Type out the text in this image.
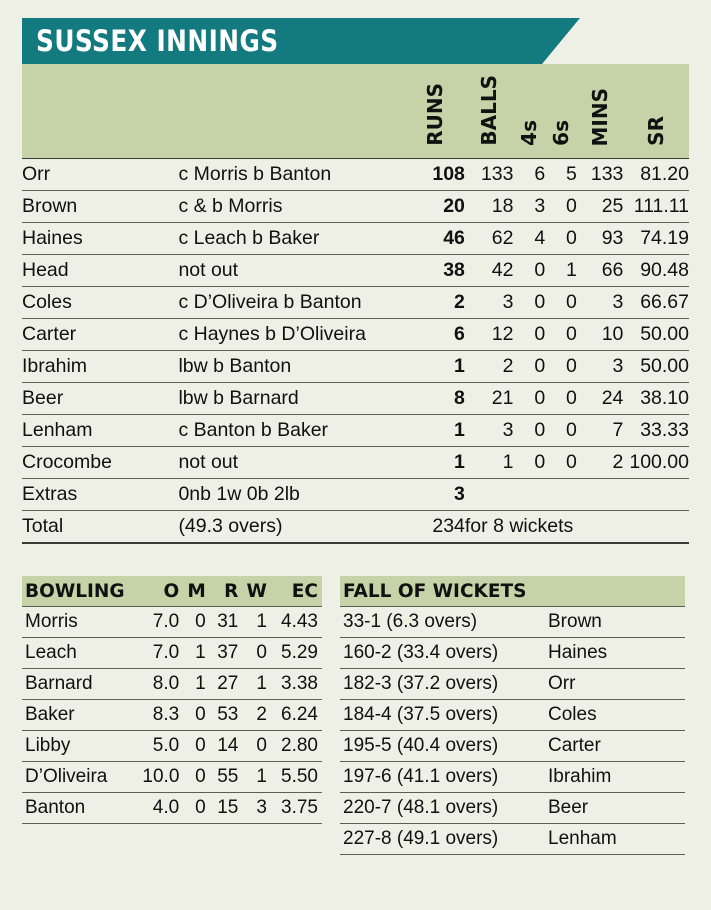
SUSSEX INNINGS
		RUNS	BALLS	4s	6s	MINS	SR
Orr	c Morris b Banton	108	133	6	5	133	81.20
Brown	c & b Morris	20	18	3	0	25	111.11
Haines	c Leach b Baker	46	62	4	0	93	74.19
Head	not out	38	42	0	1	66	90.48
Coles	c D’Oliveira b Banton	2	3	0	0	3	66.67
Carter	c Haynes b D’Oliveira	6	12	0	0	10	50.00
Ibrahim	lbw b Banton	1	2	0	0	3	50.00
Beer	lbw b Barnard	8	21	0	0	24	38.10
Lenham	c Banton b Baker	1	3	0	0	7	33.33
Crocombe	not out	1	1	0	0	2	100.00
Extras	0nb 1w 0b 2lb	3					
Total	(49.3 overs)	234	for 8 wickets				
BOWLING	O	M	R	W	EC
Morris	7.0	0	31	1	4.43
Leach	7.0	1	37	0	5.29
Barnard	8.0	1	27	1	3.38
Baker	8.3	0	53	2	6.24
Libby	5.0	0	14	0	2.80
D’Oliveira	10.0	0	55	1	5.50
Banton	4.0	0	15	3	3.75
FALL OF WICKETS	
33-1 (6.3 overs)	Brown
160-2 (33.4 overs)	Haines
182-3 (37.2 overs)	Orr
184-4 (37.5 overs)	Coles
195-5 (40.4 overs)	Carter
197-6 (41.1 overs)	Ibrahim
220-7 (48.1 overs)	Beer
227-8 (49.1 overs)	Lenham
